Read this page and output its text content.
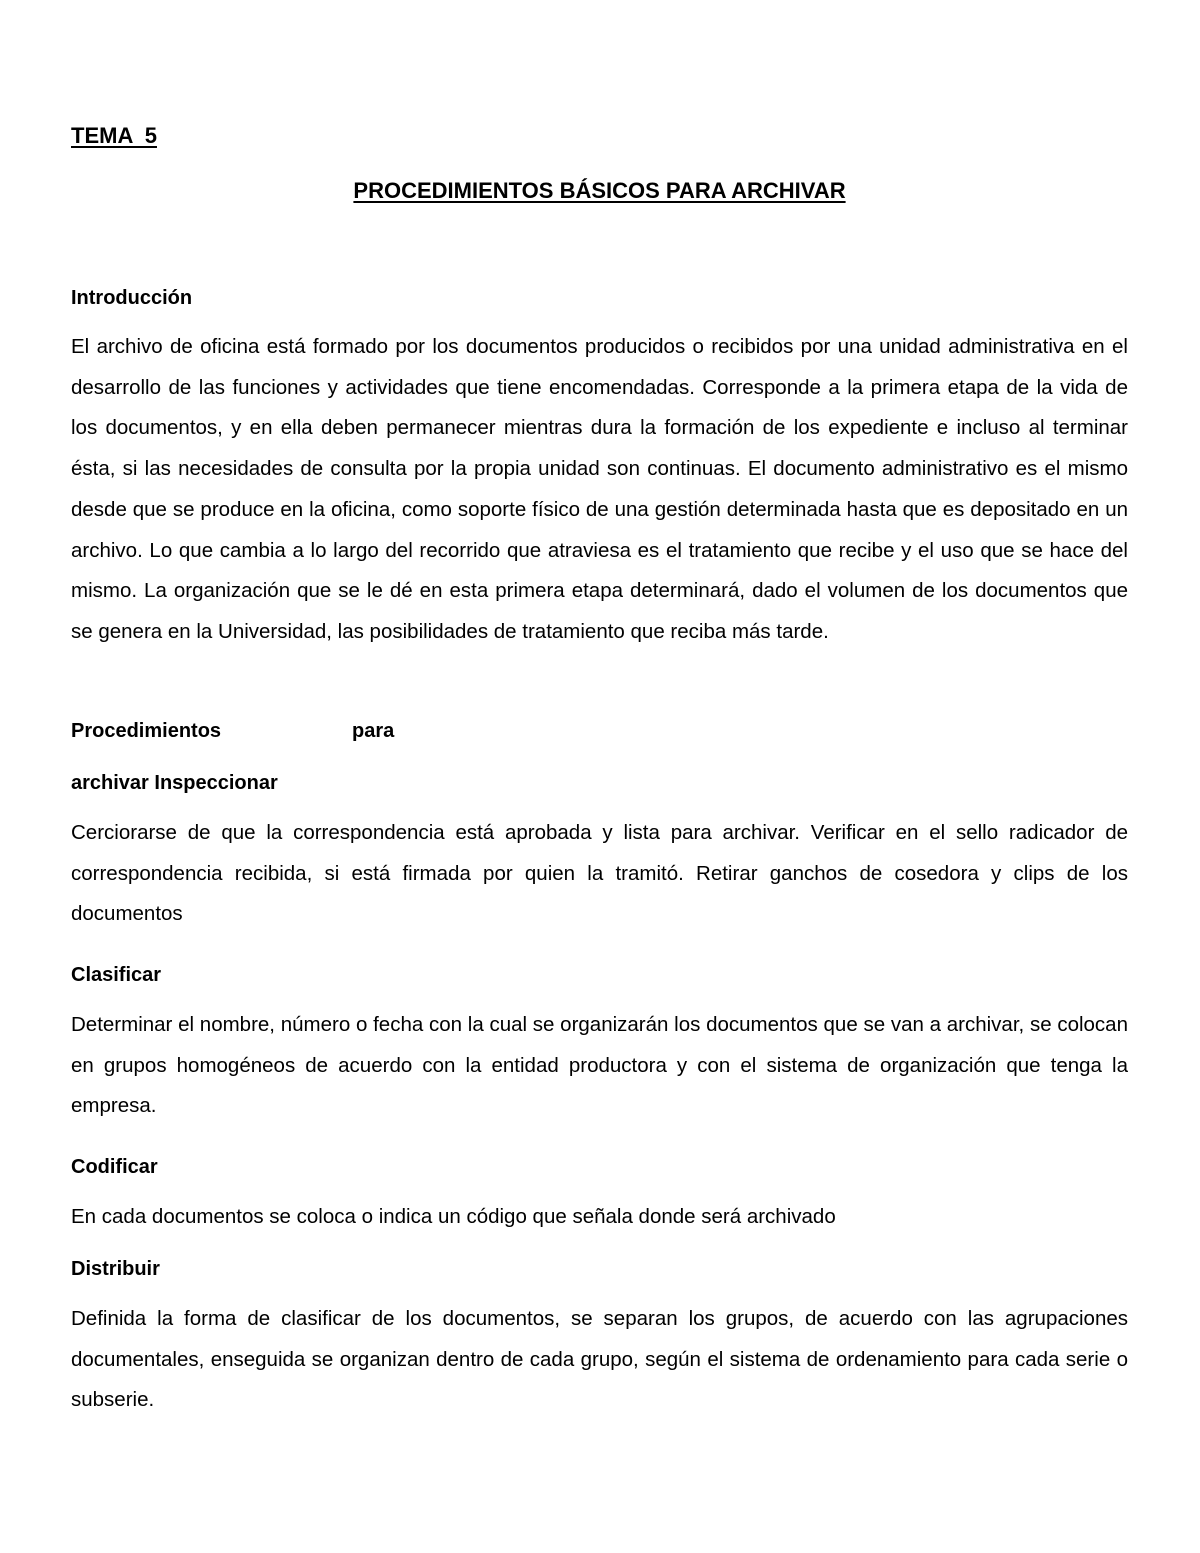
TEMA  5

PROCEDIMIENTOS BÁSICOS PARA ARCHIVAR

Introducción

El archivo de oficina está formado por los documentos producidos o recibidos por una unidad administrativa en el desarrollo de las funciones y actividades que tiene encomendadas. Corresponde a la primera etapa de la vida de los documentos, y en ella deben permanecer mientras dura la formación de los expediente e incluso al terminar ésta, si las necesidades de consulta por la propia unidad son continuas. El documento administrativo es el mismo desde que se produce en la oficina, como soporte físico de una gestión determinada hasta que es depositado en un archivo. Lo que cambia a lo largo del recorrido que atraviesa es el tratamiento que recibe y el uso que se hace del mismo. La organización que se le dé en esta primera etapa determinará, dado el volumen de los documentos que se genera en la Universidad, las posibilidades de tratamiento que reciba más tarde.

Procedimientos	para

archivar Inspeccionar

Cerciorarse de que la correspondencia está aprobada y lista para archivar. Verificar en el sello radicador de correspondencia recibida, si está firmada por quien la tramitó. Retirar ganchos de cosedora y clips de los documentos

Clasificar

Determinar el nombre, número o fecha con la cual se organizarán los documentos que se van a archivar, se colocan en grupos homogéneos de acuerdo con la entidad productora y con el sistema de organización que tenga la empresa.

Codificar

En cada documentos se coloca o indica un código que señala donde será archivado

Distribuir

Definida la forma de clasificar de los documentos, se separan los grupos, de acuerdo con las agrupaciones documentales, enseguida se organizan dentro de cada grupo, según el sistema de ordenamiento para cada serie o subserie.
